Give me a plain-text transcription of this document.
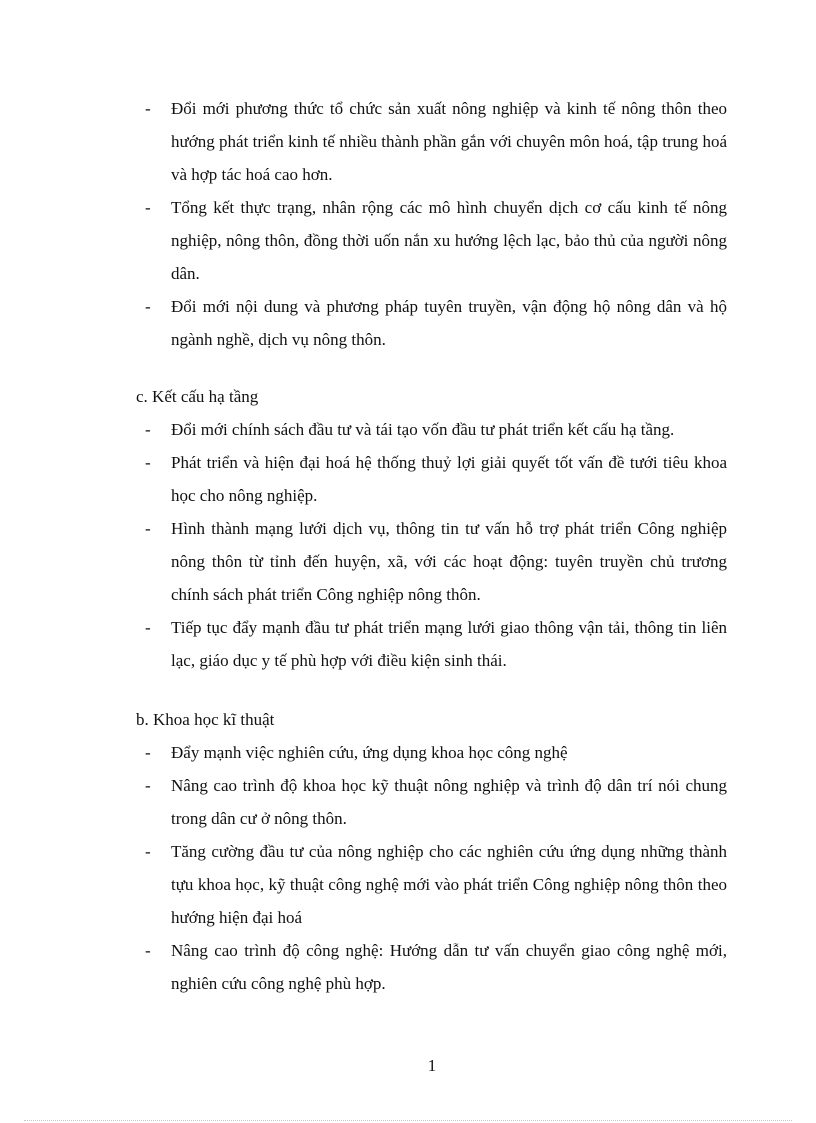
- Đổi mới phương thức tổ chức sản xuất nông nghiệp và kinh tế nông thôn theo hướng phát triển kinh tế nhiều thành phần gắn với chuyên môn hoá, tập trung hoá và hợp tác hoá cao hơn.
- Tổng kết thực trạng, nhân rộng các mô hình chuyển dịch cơ cấu kinh tế nông nghiệp, nông thôn, đồng thời uốn nắn xu hướng lệch lạc, bảo thủ của người nông dân.
- Đổi mới nội dung và phương pháp tuyên truyền, vận động hộ nông dân và hộ ngành nghề, dịch vụ nông thôn.
c. Kết cấu hạ tầng
- Đổi mới chính sách đầu tư và tái tạo vốn đầu tư phát triển kết cấu hạ tầng.
- Phát triển và hiện đại hoá hệ thống thuỷ lợi giải quyết tốt vấn đề tưới tiêu khoa học cho nông nghiệp.
- Hình thành mạng lưới dịch vụ, thông tin tư vấn hỗ trợ phát triển Công nghiệp nông thôn từ tỉnh đến huyện, xã, với các hoạt động: tuyên truyền chủ trương chính sách phát triển Công nghiệp nông thôn.
- Tiếp tục đẩy mạnh đầu tư phát triển mạng lưới giao thông vận tải, thông tin liên lạc, giáo dục y tế phù hợp với điều kiện sinh thái.
b. Khoa học kĩ thuật
- Đẩy mạnh việc nghiên cứu, ứng dụng khoa học công nghệ
- Nâng cao trình độ khoa học kỹ thuật nông nghiệp và trình độ dân trí nói chung trong dân cư ở nông thôn.
- Tăng cường đầu tư của nông nghiệp cho các nghiên cứu ứng dụng những thành tựu khoa học, kỹ thuật công nghệ mới vào phát triển Công nghiệp nông thôn theo hướng hiện đại hoá
- Nâng cao trình độ công nghệ: Hướng dẫn tư vấn chuyển giao công nghệ mới, nghiên cứu công nghệ phù hợp.
1
